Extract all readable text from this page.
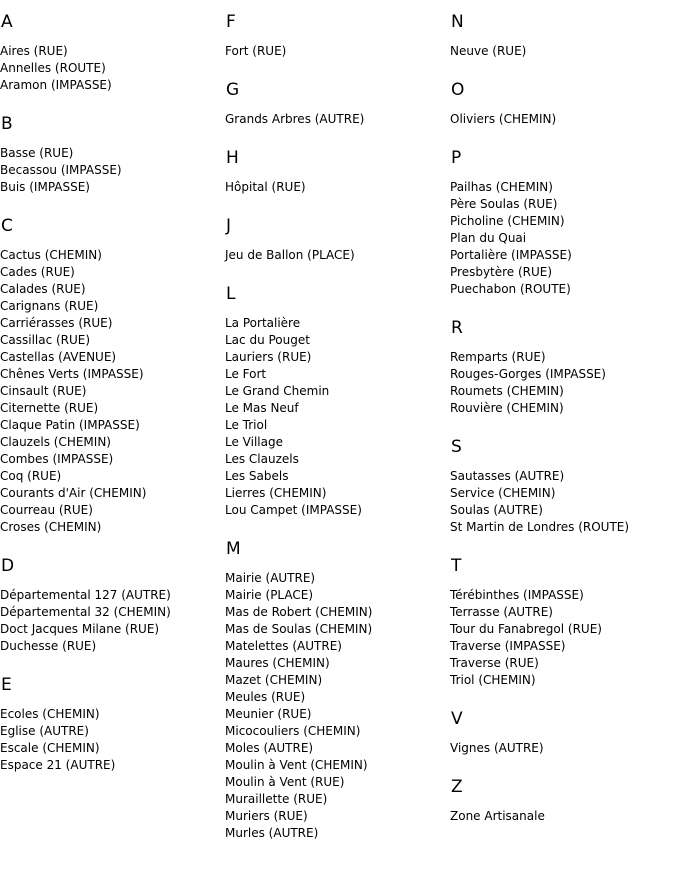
A
Aires (RUE)
Annelles (ROUTE)
Aramon (IMPASSE)
B
Basse (RUE)
Becassou (IMPASSE)
Buis (IMPASSE)
C
Cactus (CHEMIN)
Cades (RUE)
Calades (RUE)
Carignans (RUE)
Carriérasses (RUE)
Cassillac (RUE)
Castellas (AVENUE)
Chênes Verts (IMPASSE)
Cinsault (RUE)
Citernette (RUE)
Claque Patin (IMPASSE)
Clauzels (CHEMIN)
Combes (IMPASSE)
Coq (RUE)
Courants d'Air (CHEMIN)
Courreau (RUE)
Croses (CHEMIN)
D
Départemental 127 (AUTRE)
Départemental 32 (CHEMIN)
Doct Jacques Milane (RUE)
Duchesse (RUE)
E
Ecoles (CHEMIN)
Eglise (AUTRE)
Escale (CHEMIN)
Espace 21 (AUTRE)
F
Fort (RUE)
G
Grands Arbres (AUTRE)
H
Hôpital (RUE)
J
Jeu de Ballon (PLACE)
L
La Portalière
Lac du Pouget
Lauriers (RUE)
Le Fort
Le Grand Chemin
Le Mas Neuf
Le Triol
Le Village
Les Clauzels
Les Sabels
Lierres (CHEMIN)
Lou Campet (IMPASSE)
M
Mairie (AUTRE)
Mairie (PLACE)
Mas de Robert (CHEMIN)
Mas de Soulas (CHEMIN)
Matelettes (AUTRE)
Maures (CHEMIN)
Mazet (CHEMIN)
Meules (RUE)
Meunier (RUE)
Micocouliers (CHEMIN)
Moles (AUTRE)
Moulin à Vent (CHEMIN)
Moulin à Vent (RUE)
Muraillette (RUE)
Muriers (RUE)
Murles (AUTRE)
N
Neuve (RUE)
O
Oliviers (CHEMIN)
P
Pailhas (CHEMIN)
Père Soulas (RUE)
Picholine (CHEMIN)
Plan du Quai
Portalière (IMPASSE)
Presbytère (RUE)
Puechabon (ROUTE)
R
Remparts (RUE)
Rouges-Gorges (IMPASSE)
Roumets (CHEMIN)
Rouvière (CHEMIN)
S
Sautasses (AUTRE)
Service (CHEMIN)
Soulas (AUTRE)
St Martin de Londres (ROUTE)
T
Térébinthes (IMPASSE)
Terrasse (AUTRE)
Tour du Fanabregol (RUE)
Traverse (IMPASSE)
Traverse (RUE)
Triol (CHEMIN)
V
Vignes (AUTRE)
Z
Zone Artisanale
